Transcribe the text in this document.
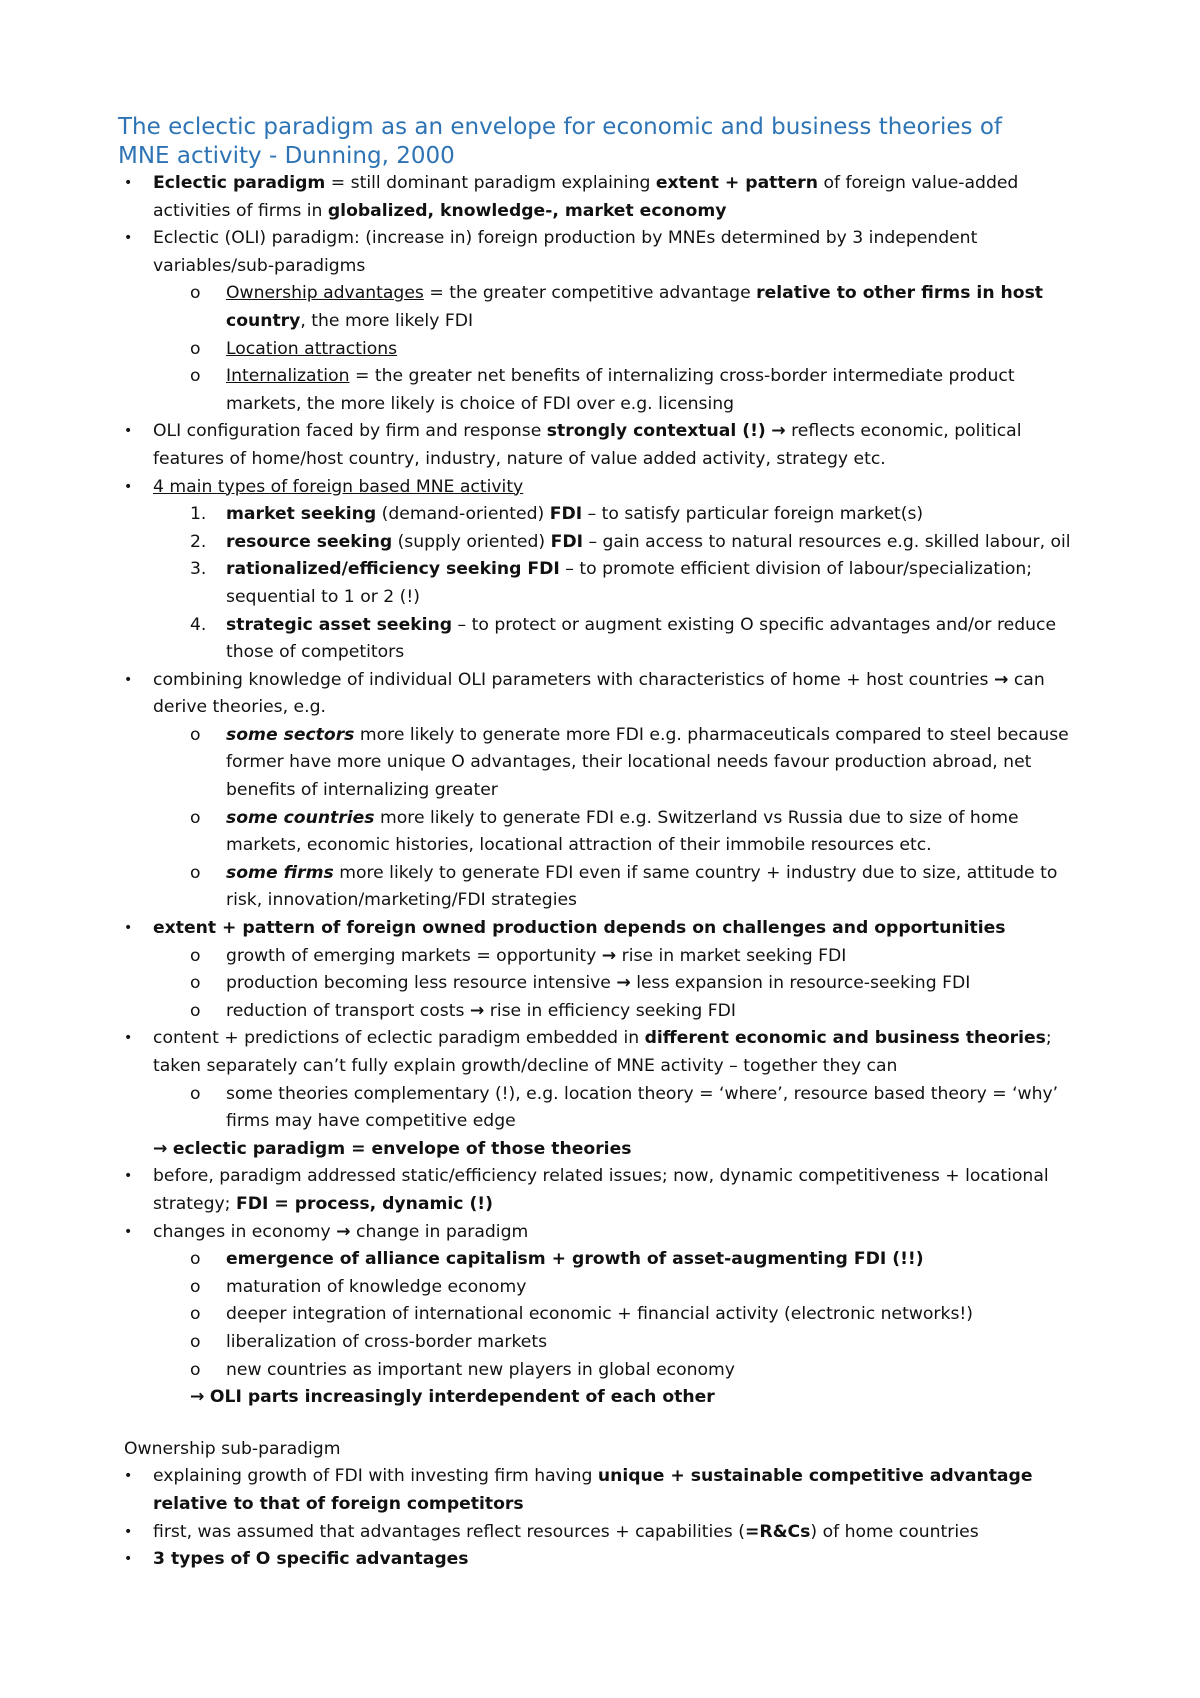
The eclectic paradigm as an envelope for economic and business theories of
MNE activity - Dunning, 2000
• Eclectic paradigm = still dominant paradigm explaining extent + pattern of foreign value-added
activities of firms in globalized, knowledge-, market economy
• Eclectic (OLI) paradigm: (increase in) foreign production by MNEs determined by 3 independent
variables/sub-paradigms
o Ownership advantages = the greater competitive advantage relative to other firms in host
country, the more likely FDI
o Location attractions
o Internalization = the greater net benefits of internalizing cross-border intermediate product
markets, the more likely is choice of FDI over e.g. licensing
• OLI configuration faced by firm and response strongly contextual (!) → reflects economic, political
features of home/host country, industry, nature of value added activity, strategy etc.
• 4 main types of foreign based MNE activity
1. market seeking (demand-oriented) FDI – to satisfy particular foreign market(s)
2. resource seeking (supply oriented) FDI – gain access to natural resources e.g. skilled labour, oil
3. rationalized/efficiency seeking FDI – to promote efficient division of labour/specialization;
sequential to 1 or 2 (!)
4. strategic asset seeking – to protect or augment existing O specific advantages and/or reduce
those of competitors
• combining knowledge of individual OLI parameters with characteristics of home + host countries → can
derive theories, e.g.
o some sectors more likely to generate more FDI e.g. pharmaceuticals compared to steel because
former have more unique O advantages, their locational needs favour production abroad, net
benefits of internalizing greater
o some countries more likely to generate FDI e.g. Switzerland vs Russia due to size of home
markets, economic histories, locational attraction of their immobile resources etc.
o some firms more likely to generate FDI even if same country + industry due to size, attitude to
risk, innovation/marketing/FDI strategies
• extent + pattern of foreign owned production depends on challenges and opportunities
o growth of emerging markets = opportunity → rise in market seeking FDI
o production becoming less resource intensive → less expansion in resource-seeking FDI
o reduction of transport costs → rise in efficiency seeking FDI
• content + predictions of eclectic paradigm embedded in different economic and business theories;
taken separately can’t fully explain growth/decline of MNE activity – together they can
o some theories complementary (!), e.g. location theory = ‘where’, resource based theory = ‘why’
firms may have competitive edge
→ eclectic paradigm = envelope of those theories
• before, paradigm addressed static/efficiency related issues; now, dynamic competitiveness + locational
strategy; FDI = process, dynamic (!)
• changes in economy → change in paradigm
o emergence of alliance capitalism + growth of asset-augmenting FDI (!!)
o maturation of knowledge economy
o deeper integration of international economic + financial activity (electronic networks!)
o liberalization of cross-border markets
o new countries as important new players in global economy
→ OLI parts increasingly interdependent of each other
Ownership sub-paradigm
• explaining growth of FDI with investing firm having unique + sustainable competitive advantage
relative to that of foreign competitors
• first, was assumed that advantages reflect resources + capabilities (=R&Cs) of home countries
• 3 types of O specific advantages
